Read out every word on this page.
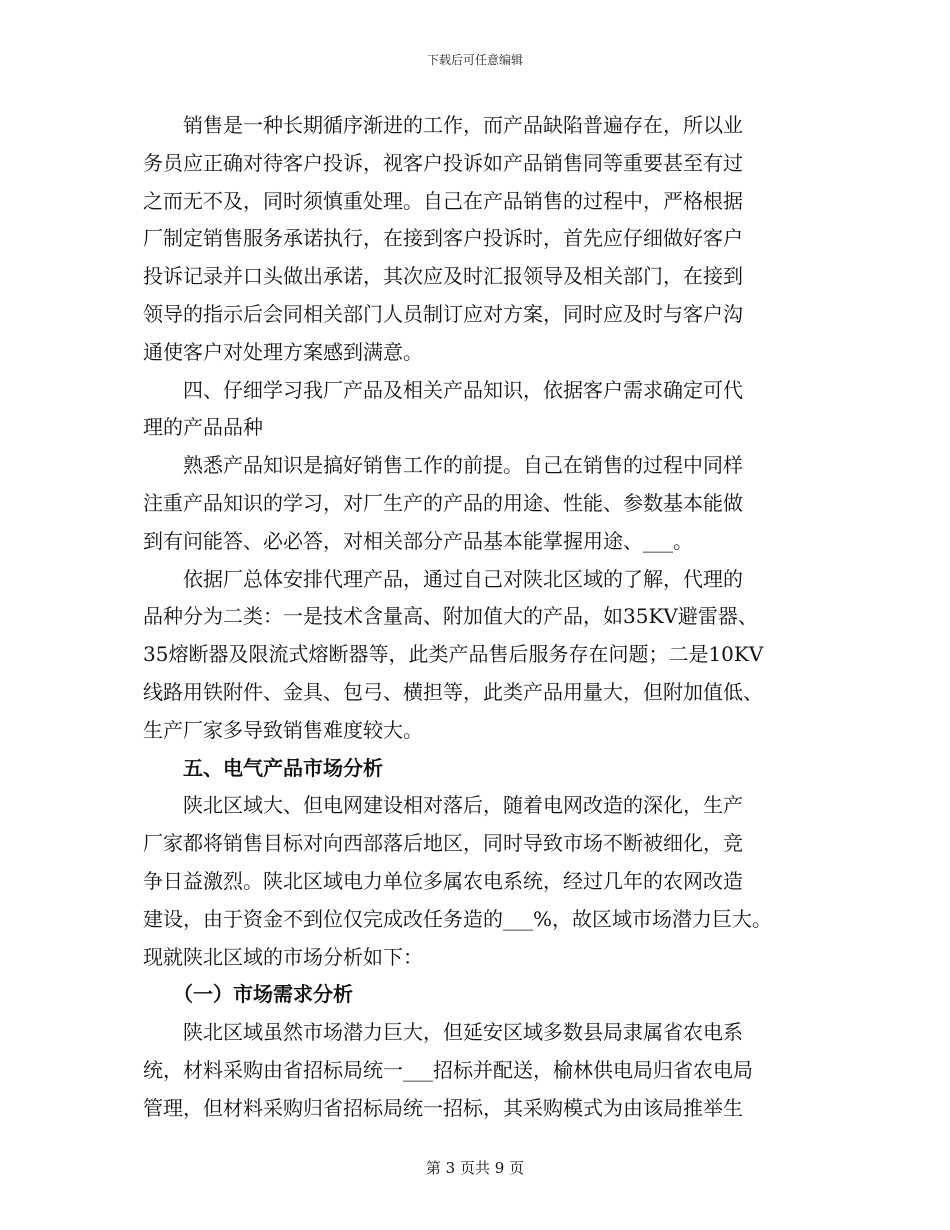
下载后可任意编辑
　　销售是一种长期循序渐进的工作，而产品缺陷普遍存在，所以业
务员应正确对待客户投诉，视客户投诉如产品销售同等重要甚至有过
之而无不及，同时须慎重处理。自己在产品销售的过程中，严格根据
厂制定销售服务承诺执行，在接到客户投诉时，首先应仔细做好客户
投诉记录并口头做出承诺，其次应及时汇报领导及相关部门，在接到
领导的指示后会同相关部门人员制订应对方案，同时应及时与客户沟
通使客户对处理方案感到满意。
　　四、仔细学习我厂产品及相关产品知识，依据客户需求确定可代
理的产品品种
　　熟悉产品知识是搞好销售工作的前提。自己在销售的过程中同样
注重产品知识的学习，对厂生产的产品的用途、性能、参数基本能做
到有问能答、必必答，对相关部分产品基本能掌握用途、___。
　　依据厂总体安排代理产品，通过自己对陕北区域的了解，代理的
品种分为二类：一是技术含量高、附加值大的产品，如35KV避雷器、
35熔断器及限流式熔断器等，此类产品售后服务存在问题；二是10KV
线路用铁附件、金具、包弓、横担等，此类产品用量大，但附加值低、
生产厂家多导致销售难度较大。
　　五、电气产品市场分析
　　陕北区域大、但电网建设相对落后，随着电网改造的深化，生产
厂家都将销售目标对向西部落后地区，同时导致市场不断被细化，竞
争日益激烈。陕北区域电力单位多属农电系统，经过几年的农网改造
建设，由于资金不到位仅完成改任务造的___%，故区域市场潜力巨大。
现就陕北区域的市场分析如下：
　　（一）市场需求分析
　　陕北区域虽然市场潜力巨大，但延安区域多数县局隶属省农电系
统，材料采购由省招标局统一___招标并配送，榆林供电局归省农电局
管理，但材料采购归省招标局统一招标，其采购模式为由该局推举生
第 3 页共 9 页
